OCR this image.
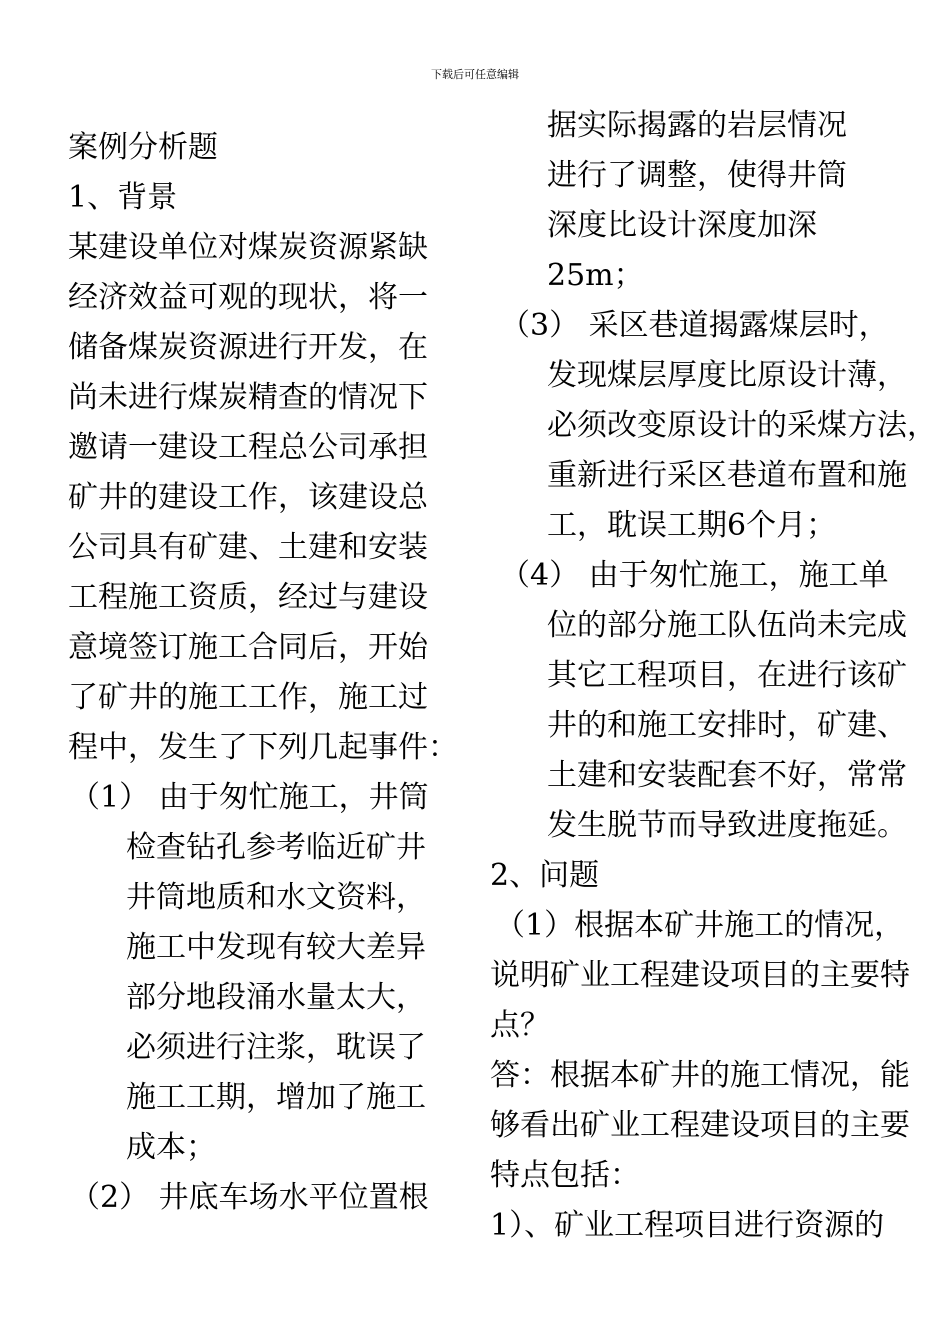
下载后可任意编辑
案例分析题
1、背景
某建设单位对煤炭资源紧缺
经济效益可观的现状，将一
储备煤炭资源进行开发，在
尚未进行煤炭精查的情况下
邀请一建设工程总公司承担
矿井的建设工作，该建设总
公司具有矿建、土建和安装
工程施工资质，经过与建设
意境签订施工合同后，开始
了矿井的施工工作，施工过
程中，发生了下列几起事件：
（1） 由于匆忙施工，井筒
检查钻孔参考临近矿井
井筒地质和水文资料，
施工中发现有较大差异
部分地段涌水量太大，
必须进行注浆，耽误了
施工工期，增加了施工
成本；
（2） 井底车场水平位置根
据实际揭露的岩层情况
进行了调整，使得井筒
深度比设计深度加深
25m；
（3） 采区巷道揭露煤层时，
发现煤层厚度比原设计薄，
必须改变原设计的采煤方法，
重新进行采区巷道布置和施
工，耽误工期6个月；
（4） 由于匆忙施工，施工单
位的部分施工队伍尚未完成
其它工程项目，在进行该矿
井的和施工安排时，矿建、
土建和安装配套不好，常常
发生脱节而导致进度拖延。
2、问题
（1）根据本矿井施工的情况，
说明矿业工程建设项目的主要特
点？
答：根据本矿井的施工情况，能
够看出矿业工程建设项目的主要
特点包括：
1）、矿业工程项目进行资源的
